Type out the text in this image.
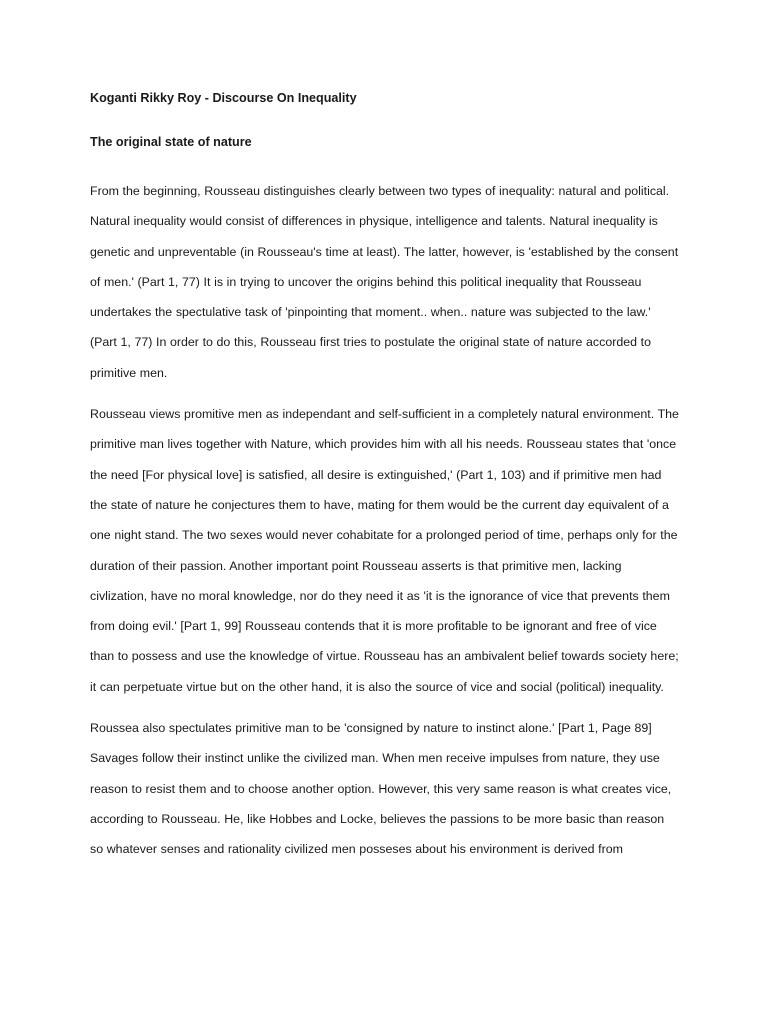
Koganti Rikky Roy - Discourse On Inequality
The original state of nature

From the beginning, Rousseau distinguishes clearly between two types of inequality: natural and political. Natural inequality would consist of differences in physique, intelligence and talents. Natural inequality is genetic and unpreventable (in Rousseau's time at least). The latter, however, is 'established by the consent of men.' (Part 1, 77) It is in trying to uncover the origins behind this political inequality that Rousseau undertakes the spectulative task of 'pinpointing that moment.. when.. nature was subjected to the law.' (Part 1, 77) In order to do this, Rousseau first tries to postulate the original state of nature accorded to primitive men.

Rousseau views promitive men as independant and self-sufficient in a completely natural environment. The primitive man lives together with Nature, which provides him with all his needs. Rousseau states that 'once the need [For physical love] is satisfied, all desire is extinguished,' (Part 1, 103) and if primitive men had the state of nature he conjectures them to have, mating for them would be the current day equivalent of a one night stand. The two sexes would never cohabitate for a prolonged period of time, perhaps only for the duration of their passion. Another important point Rousseau asserts is that primitive men, lacking civlization, have no moral knowledge, nor do they need it as 'it is the ignorance of vice that prevents them from doing evil.' [Part 1, 99] Rousseau contends that it is more profitable to be ignorant and free of vice than to possess and use the knowledge of virtue. Rousseau has an ambivalent belief towards society here; it can perpetuate virtue but on the other hand, it is also the source of vice and social (political) inequality.

Roussea also spectulates primitive man to be 'consigned by nature to instinct alone.' [Part 1, Page 89] Savages follow their instinct unlike the civilized man. When men receive impulses from nature, they use reason to resist them and to choose another option. However, this very same reason is what creates vice, according to Rousseau. He, like Hobbes and Locke, believes the passions to be more basic than reason so whatever senses and rationality civilized men posseses about his environment is derived from
